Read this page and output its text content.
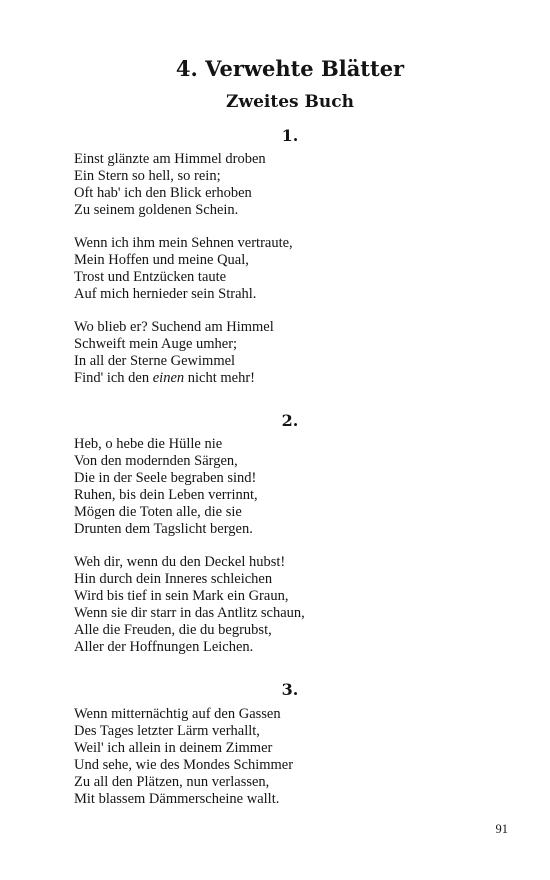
4. Verwehte Blätter
Zweites Buch
1.
Einst glänzte am Himmel droben
Ein Stern so hell, so rein;
Oft hab' ich den Blick erhoben
Zu seinem goldenen Schein.
Wenn ich ihm mein Sehnen vertraute,
Mein Hoffen und meine Qual,
Trost und Entzücken taute
Auf mich hernieder sein Strahl.
Wo blieb er? Suchend am Himmel
Schweift mein Auge umher;
In all der Sterne Gewimmel
Find' ich den einen nicht mehr!
2.
Heb, o hebe die Hülle nie
Von den modernden Särgen,
Die in der Seele begraben sind!
Ruhen, bis dein Leben verrinnt,
Mögen die Toten alle, die sie
Drunten dem Tagslicht bergen.
Weh dir, wenn du den Deckel hubst!
Hin durch dein Inneres schleichen
Wird bis tief in sein Mark ein Graun,
Wenn sie dir starr in das Antlitz schaun,
Alle die Freuden, die du begrubst,
Aller der Hoffnungen Leichen.
3.
Wenn mitternächtig auf den Gassen
Des Tages letzter Lärm verhallt,
Weil' ich allein in deinem Zimmer
Und sehe, wie des Mondes Schimmer
Zu all den Plätzen, nun verlassen,
Mit blassem Dämmerscheine wallt.
91
